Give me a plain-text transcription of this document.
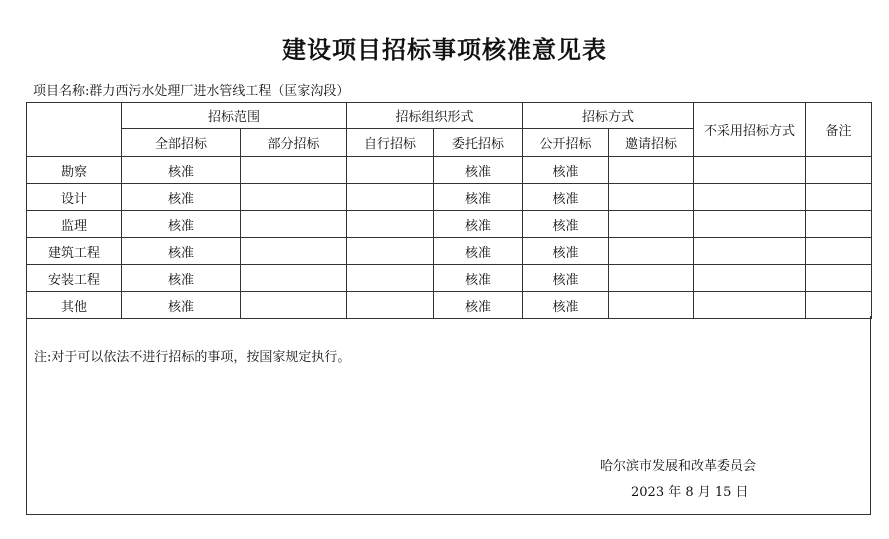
建设项目招标事项核准意见表
项目名称:群力西污水处理厂进水管线工程（匡家沟段）
	招标范围		招标组织形式		招标方式		不采用招标方式	备注
	全部招标	部分招标	自行招标	委托招标	公开招标	邀请招标		
勘察	核准			核准	核准			
设计	核准			核准	核准			
监理	核准			核准	核准			
建筑工程	核准			核准	核准			
安装工程	核准			核准	核准			
其他	核准			核准	核准			
注:对于可以依法不进行招标的事项，按国家规定执行。
哈尔滨市发展和改革委员会
2023 年 8 月 15 日
